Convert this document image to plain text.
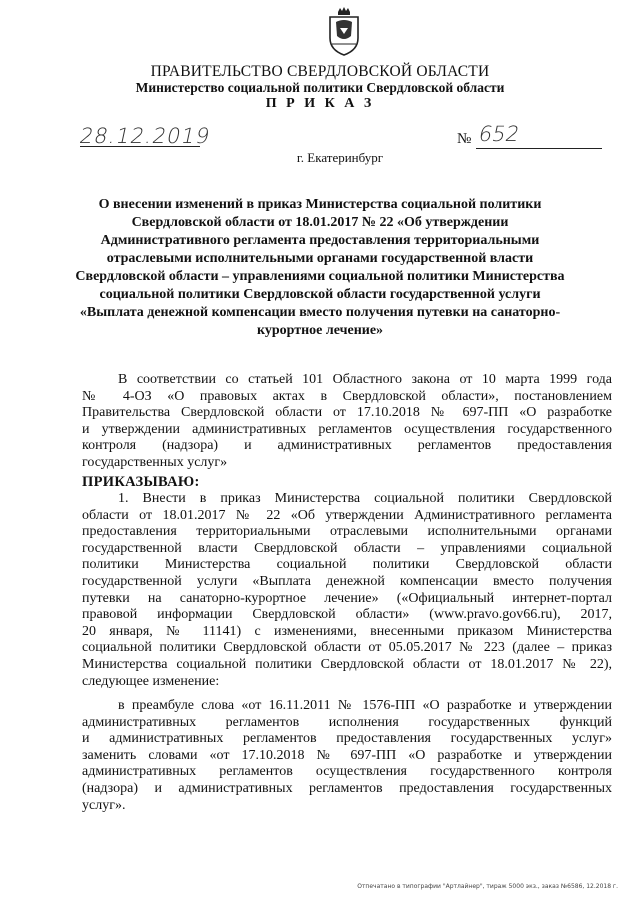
ПРАВИТЕЛЬСТВО СВЕРДЛОВСКОЙ ОБЛАСТИ
Министерство социальной политики Свердловской области
П Р И К А З
28.12.2019	№ 652
г. Екатеринбург
О внесении изменений в приказ Министерства социальной политики
Свердловской области от 18.01.2017 № 22 «Об утверждении
Административного регламента предоставления территориальными
отраслевыми исполнительными органами государственной власти
Свердловской области – управлениями социальной политики Министерства
социальной политики Свердловской области государственной услуги
«Выплата денежной компенсации вместо получения путевки на санаторно-
курортное лечение»
В соответствии со статьей 101 Областного закона от 10 марта 1999 года
№ 4-ОЗ «О правовых актах в Свердловской области», постановлением
Правительства Свердловской области от 17.10.2018 № 697-ПП «О разработке
и утверждении административных регламентов осуществления государственного
контроля (надзора) и административных регламентов предоставления
государственных услуг»
ПРИКАЗЫВАЮ:
1. Внести в приказ Министерства социальной политики Свердловской
области от 18.01.2017 № 22 «Об утверждении Административного регламента
предоставления территориальными отраслевыми исполнительными органами
государственной власти Свердловской области – управлениями социальной
политики Министерства социальной политики Свердловской области
государственной услуги «Выплата денежной компенсации вместо получения
путевки на санаторно-курортное лечение» («Официальный интернет-портал
правовой информации Свердловской области» (www.pravo.gov66.ru), 2017,
20 января, № 11141) с изменениями, внесенными приказом Министерства
социальной политики Свердловской области от 05.05.2017 № 223 (далее – приказ
Министерства социальной политики Свердловской области от 18.01.2017 № 22),
следующее изменение:
в преамбуле слова «от 16.11.2011 № 1576-ПП «О разработке и утверждении
административных регламентов исполнения государственных функций
и административных регламентов предоставления государственных услуг»
заменить словами «от 17.10.2018 № 697-ПП «О разработке и утверждении
административных регламентов осуществления государственного контроля
(надзора) и административных регламентов предоставления государственных
услуг».
Отпечатано в типографии "Артлайнер", тираж 5000 экз., заказ №6586, 12.2018 г.
